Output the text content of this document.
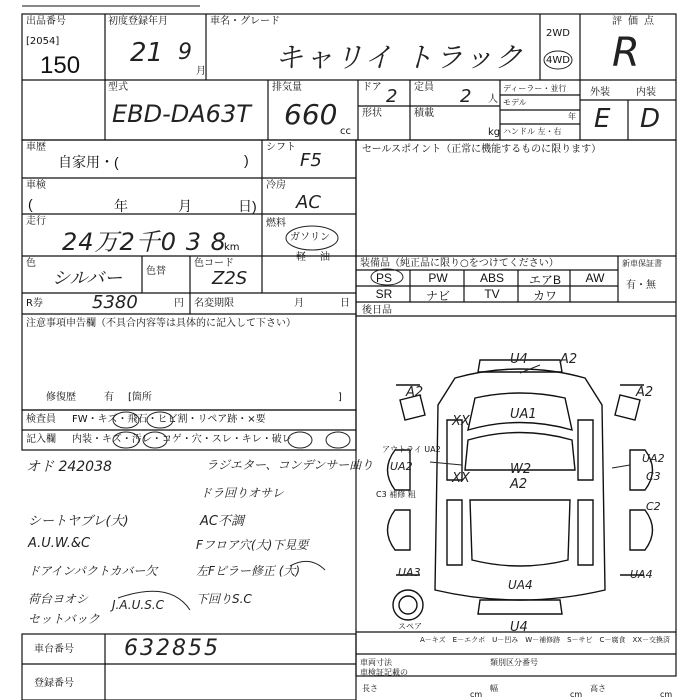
出品番号
[2054]
150
初度登録年月
21 9
月
車名・グレード
キャリイ トラック
2WD
4WD
評価点
R
型式
EBD-DA63T
排気量
660
cc
ドア 2 定員 2 人
形状	積載
kg
ディーラー・並行
モデル
年
ハンドル 左・右
外装	内装
E D
車歴
自家用・(	)
車検
(	年	月	日)
走行
24万2千0 3 8
km
色
シルバー 色替
色コード
Z2S
R券	5380	円 名変期限	月	日
注意事項申告欄（不具合内容等は具体的に記入して下さい）
修復歴	有 [箇所	]
検査員 FW・キズ・飛石・ヒビ割・リペア跡・×要
記入欄 内装・キズ・汚レ・コゲ・穴・スレ・キレ・破レ
シフト
F5
冷房
AC
燃料
ガソリン
軽 油
セールスポイント（正常に機能するものに限ります）
装備品（純正品に限り○をつけてください）	新車保証書
有・無
PS	PW	ABS	エアB	AW
SR	ナビ	TV	カワ
後日品
U4 A2
A2	A2
UA1
XX
XX
W2
A2
UA2
UA2
C3
C2
UA3
UA4
UA4
U4
スペア
アウトライ UA2
C3 補修 粗
A－キズ　E－エクボ　U－凹み　W－補修跡　S－サビ　C－腐食　XX－交換済
オド 242038	ラジエター、コンデンサー曲り
ドラ回りオサレ
シートヤブレ(大)	AC不調
A.U.W.&C	Fフロア穴(大)下見要
ドアインパクトカバー欠	左Fピラー修正 (大)
荷台ヨオシ
セットバック
J.A.U.S.C	下回りS.C
車台番号 632855
登録番号
車両寸法	類別区分番号
車検証記載の
長さ
cm
幅
cm
高さ
cm
